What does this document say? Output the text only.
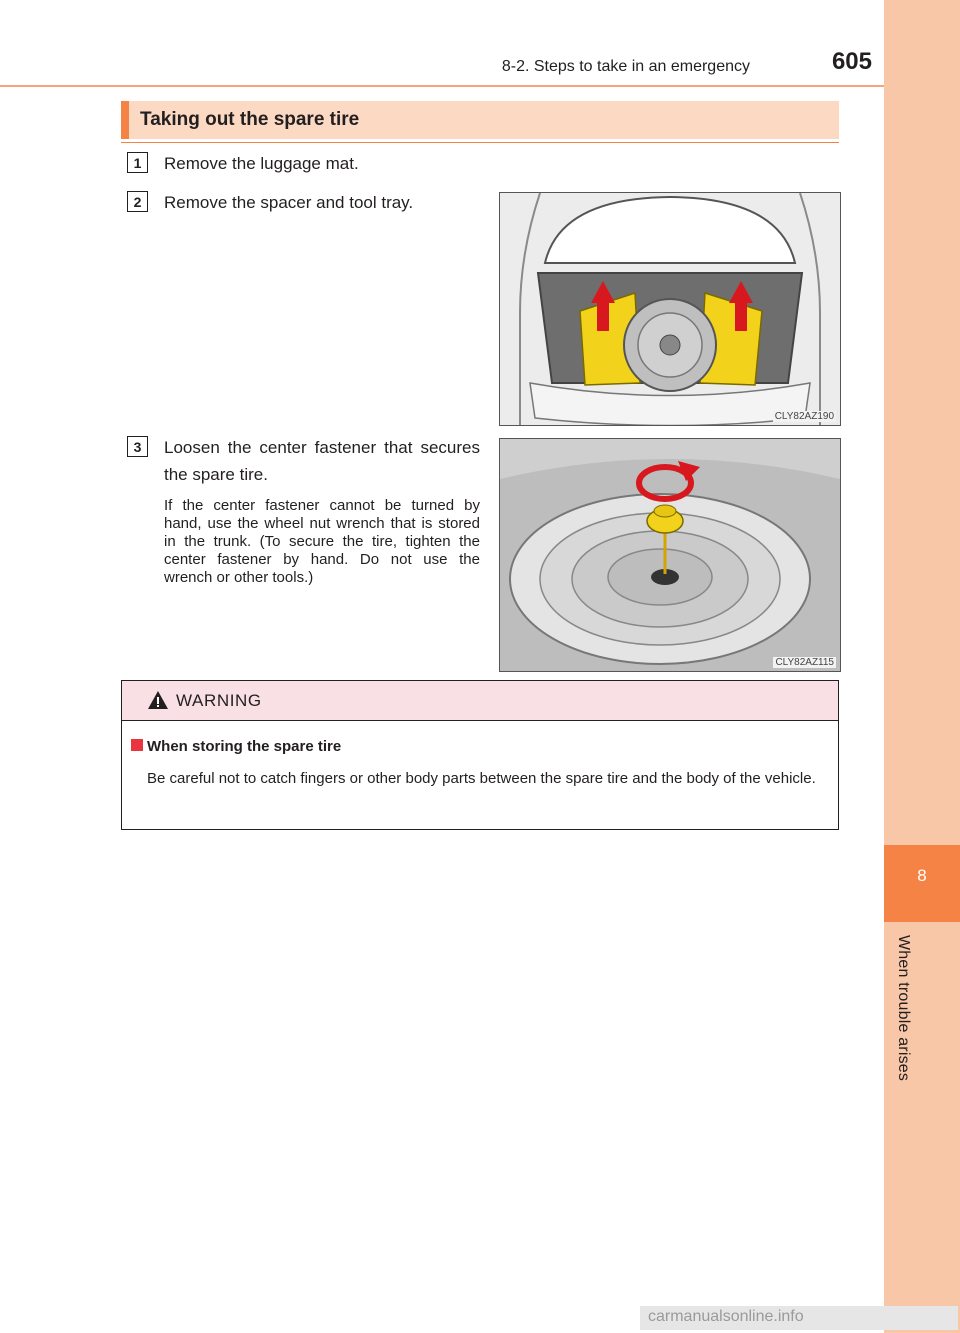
8
When trouble arises
8-2. Steps to take in an emergency	605
Taking out the spare tire
1	Remove the luggage mat.
2	Remove the spacer and tool tray.
CLY82AZ190
3	Loosen the center fastener that secures the spare tire.
If the center fastener cannot be turned by hand, use the wheel nut wrench that is stored in the trunk. (To secure the tire, tighten the center fastener by hand. Do not use the wrench or other tools.)
CLY82AZ115
WARNING
When storing the spare tire
Be careful not to catch fingers or other body parts between the spare tire and the body of the vehicle.
carmanualsonline.info
